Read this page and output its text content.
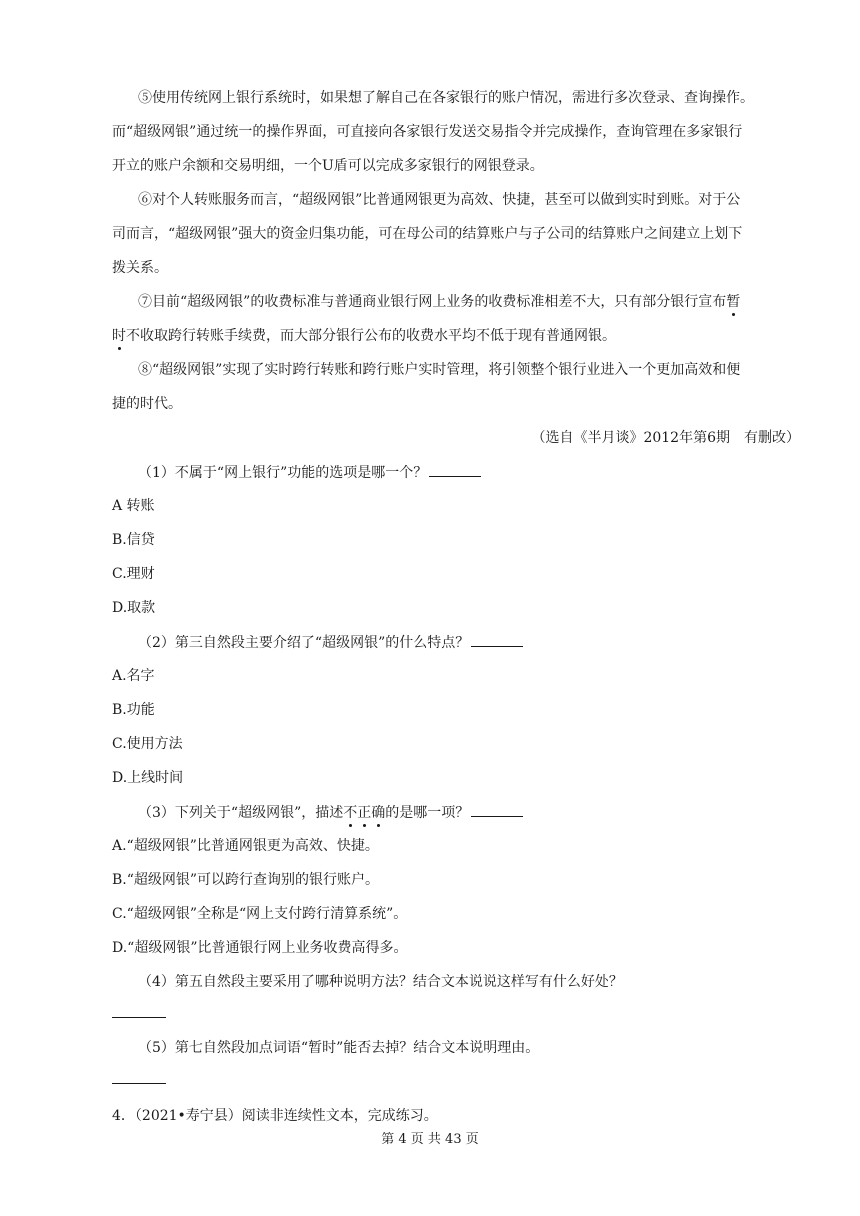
⑤使用传统网上银行系统时，如果想了解自己在各家银行的账户情况，需进行多次登录、查询操作。
而“超级网银”通过统一的操作界面，可直接向各家银行发送交易指令并完成操作，查询管理在多家银行
开立的账户余额和交易明细，一个U盾可以完成多家银行的网银登录。
⑥对个人转账服务而言，“超级网银”比普通网银更为高效、快捷，甚至可以做到实时到账。对于公
司而言，“超级网银”强大的资金归集功能，可在母公司的结算账户与子公司的结算账户之间建立上划下
拨关系。
⑦目前“超级网银”的收费标准与普通商业银行网上业务的收费标准相差不大，只有部分银行宣布暂
时不收取跨行转账手续费，而大部分银行公布的收费水平均不低于现有普通网银。
⑧“超级网银”实现了实时跨行转账和跨行账户实时管理，将引领整个银行业进入一个更加高效和便
捷的时代。
（选自《半月谈》2012年第6期　有删改）
（1）不属于“网上银行”功能的选项是哪一个？
A 转账
B.信贷
C.理财
D.取款
（2）第三自然段主要介绍了“超级网银”的什么特点？
A.名字
B.功能
C.使用方法
D.上线时间
（3）下列关于“超级网银”，描述不正确的是哪一项？
A.“超级网银”比普通网银更为高效、快捷。
B.“超级网银”可以跨行查询别的银行账户。
C.“超级网银”全称是“网上支付跨行清算系统”。
D.“超级网银”比普通银行网上业务收费高得多。
（4）第五自然段主要采用了哪种说明方法？结合文本说说这样写有什么好处？
（5）第七自然段加点词语“暂时”能否去掉？结合文本说明理由。
4．（2021•寿宁县）阅读非连续性文本，完成练习。
第 4 页 共 43 页
